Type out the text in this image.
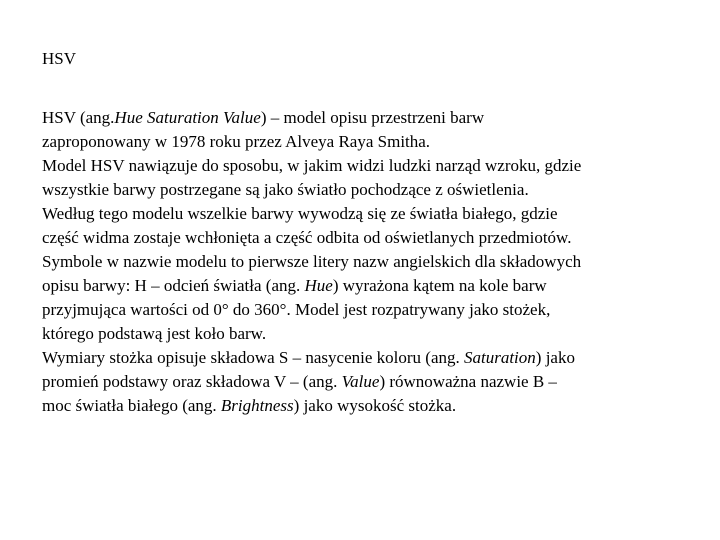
HSV

HSV (ang.Hue Saturation Value) – model opisu przestrzeni barw
zaproponowany w 1978 roku przez Alveya Raya Smitha.

Model HSV nawiązuje do sposobu, w jakim widzi ludzki narząd wzroku, gdzie
wszystkie barwy postrzegane są jako światło pochodzące z oświetlenia.
Według tego modelu wszelkie barwy wywodzą się ze światła białego, gdzie
część widma zostaje wchłonięta a część odbita od oświetlanych przedmiotów.

Symbole w nazwie modelu to pierwsze litery nazw angielskich dla składowych
opisu barwy: H – odcień światła (ang. Hue) wyrażona kątem na kole barw
przyjmująca wartości od 0° do 360°. Model jest rozpatrywany jako stożek,
którego podstawą jest koło barw.

Wymiary stożka opisuje składowa S – nasycenie koloru (ang. Saturation) jako
promień podstawy oraz składowa V – (ang. Value) równoważna nazwie B –
moc światła białego (ang. Brightness) jako wysokość stożka.
